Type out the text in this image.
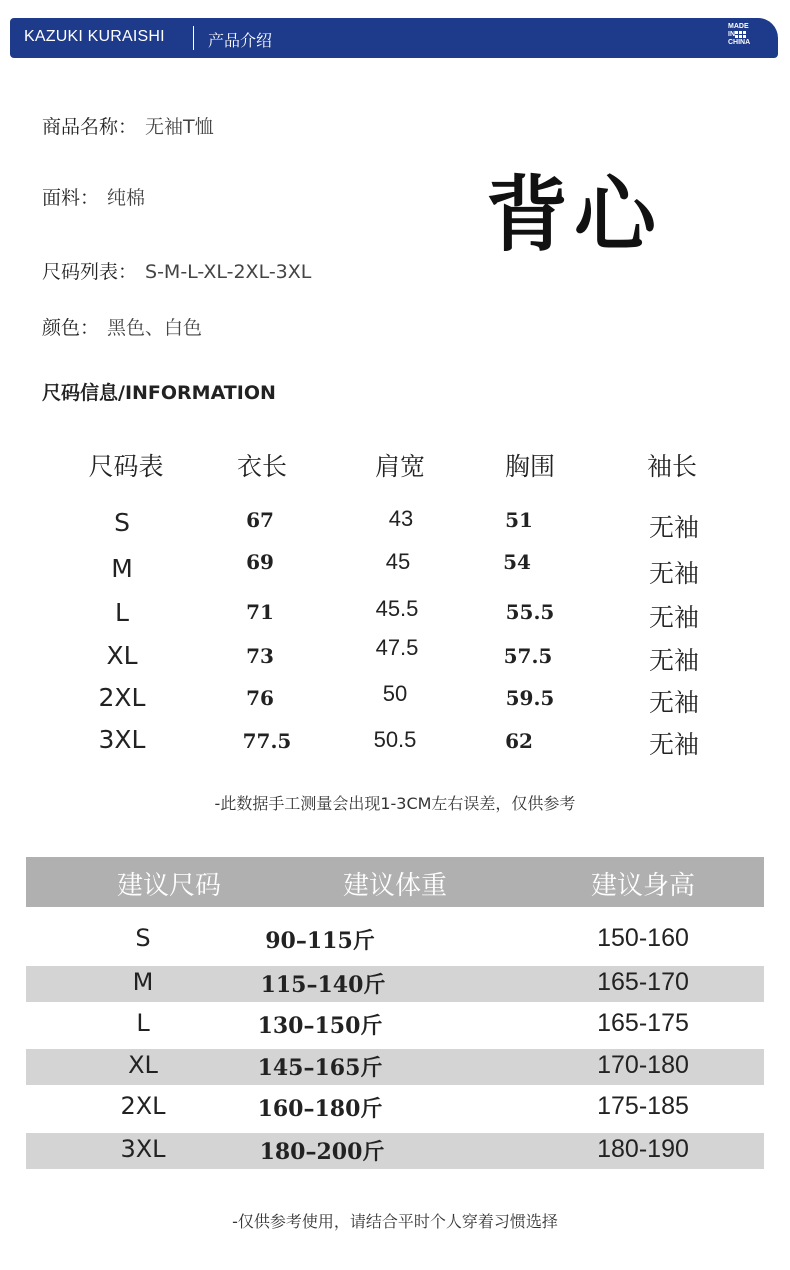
KAZUKI KURAISHI	产品介绍
MADE
IN
CHINA
商品名称： 无袖T恤
面料： 纯棉
尺码列表： S-M-L-XL-2XL-3XL
颜色： 黑色、白色
背心
尺码信息/INFORMATION
尺码表	衣长	肩宽	胸围	袖长
S	67	43	51	无袖
M	69	45	54	无袖
L	71	45.5	55.5	无袖
XL	73	47.5	57.5	无袖
2XL	76	50	59.5	无袖
3XL	77.5	50.5	62	无袖
-此数据手工测量会出现1-3CM左右误差，仅供参考
建议尺码	建议体重	建议身高
S	90–115斤	150-160
M	115–140斤	165-170
L	130–150斤	165-175
XL	145–165斤	170-180
2XL	160–180斤	175-185
3XL	180–200斤	180-190
-仅供参考使用，请结合平时个人穿着习惯选择
